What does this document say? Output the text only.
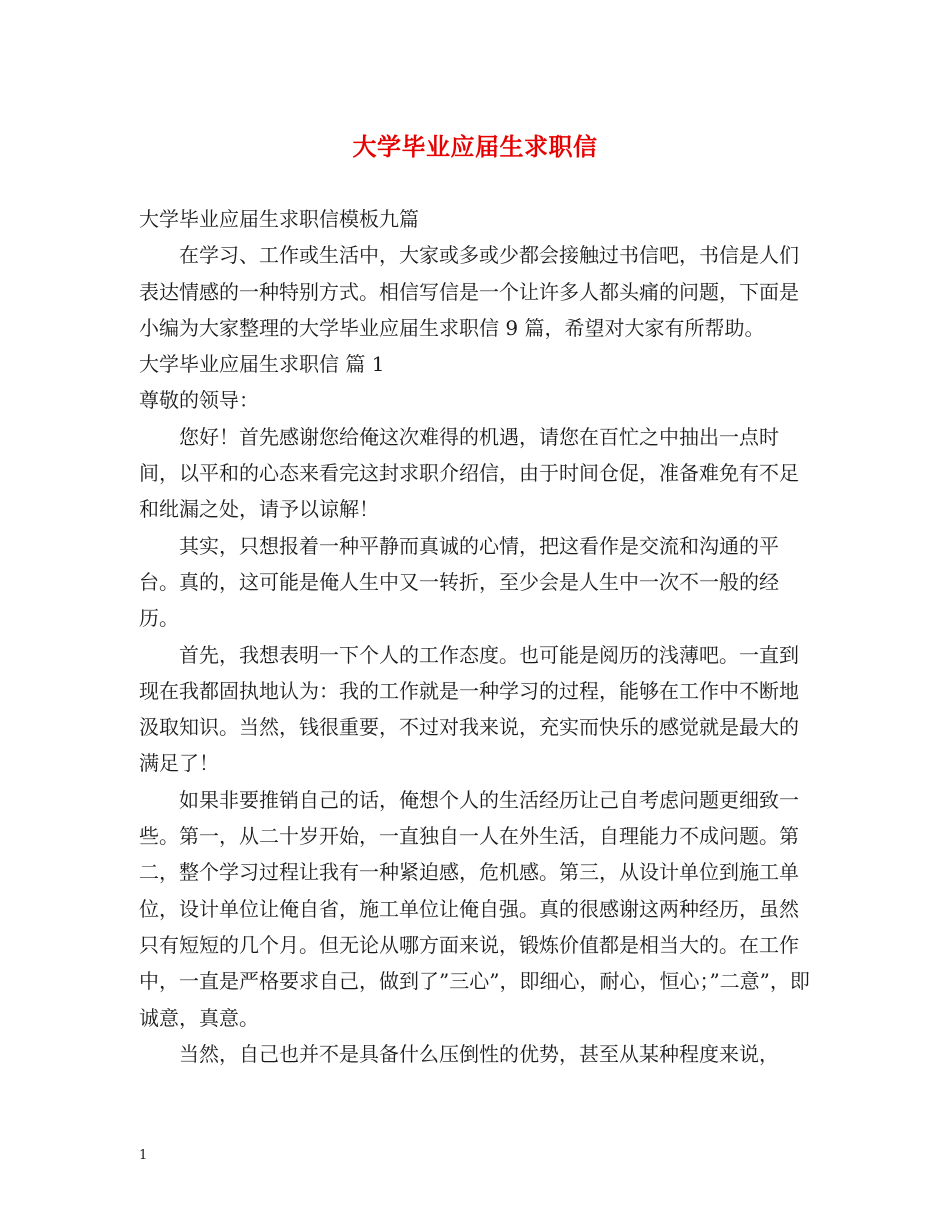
大学毕业应届生求职信

大学毕业应届生求职信模板九篇

在学习、工作或生活中，大家或多或少都会接触过书信吧，书信是人们表达情感的一种特别方式。相信写信是一个让许多人都头痛的问题，下面是小编为大家整理的大学毕业应届生求职信 9 篇，希望对大家有所帮助。

大学毕业应届生求职信 篇 1

尊敬的领导：

您好！首先感谢您给俺这次难得的机遇，请您在百忙之中抽出一点时间，以平和的心态来看完这封求职介绍信，由于时间仓促，准备难免有不足和纰漏之处，请予以谅解！

其实，只想报着一种平静而真诚的心情，把这看作是交流和沟通的平台。真的，这可能是俺人生中又一转折，至少会是人生中一次不一般的经历。

首先，我想表明一下个人的工作态度。也可能是阅历的浅薄吧。一直到现在我都固执地认为：我的工作就是一种学习的过程，能够在工作中不断地汲取知识。当然，钱很重要，不过对我来说，充实而快乐的感觉就是最大的满足了！

如果非要推销自己的话，俺想个人的生活经历让己自考虑问题更细致一些。第一，从二十岁开始，一直独自一人在外生活，自理能力不成问题。第二，整个学习过程让我有一种紧迫感，危机感。第三，从设计单位到施工单位，设计单位让俺自省，施工单位让俺自强。真的很感谢这两种经历，虽然只有短短的几个月。但无论从哪方面来说，锻炼价值都是相当大的。在工作中，一直是严格要求自己，做到了”三心”，即细心，耐心，恒心；”二意”，即诚意，真意。

当然，自己也并不是具备什么压倒性的优势，甚至从某种程度来说，

1
